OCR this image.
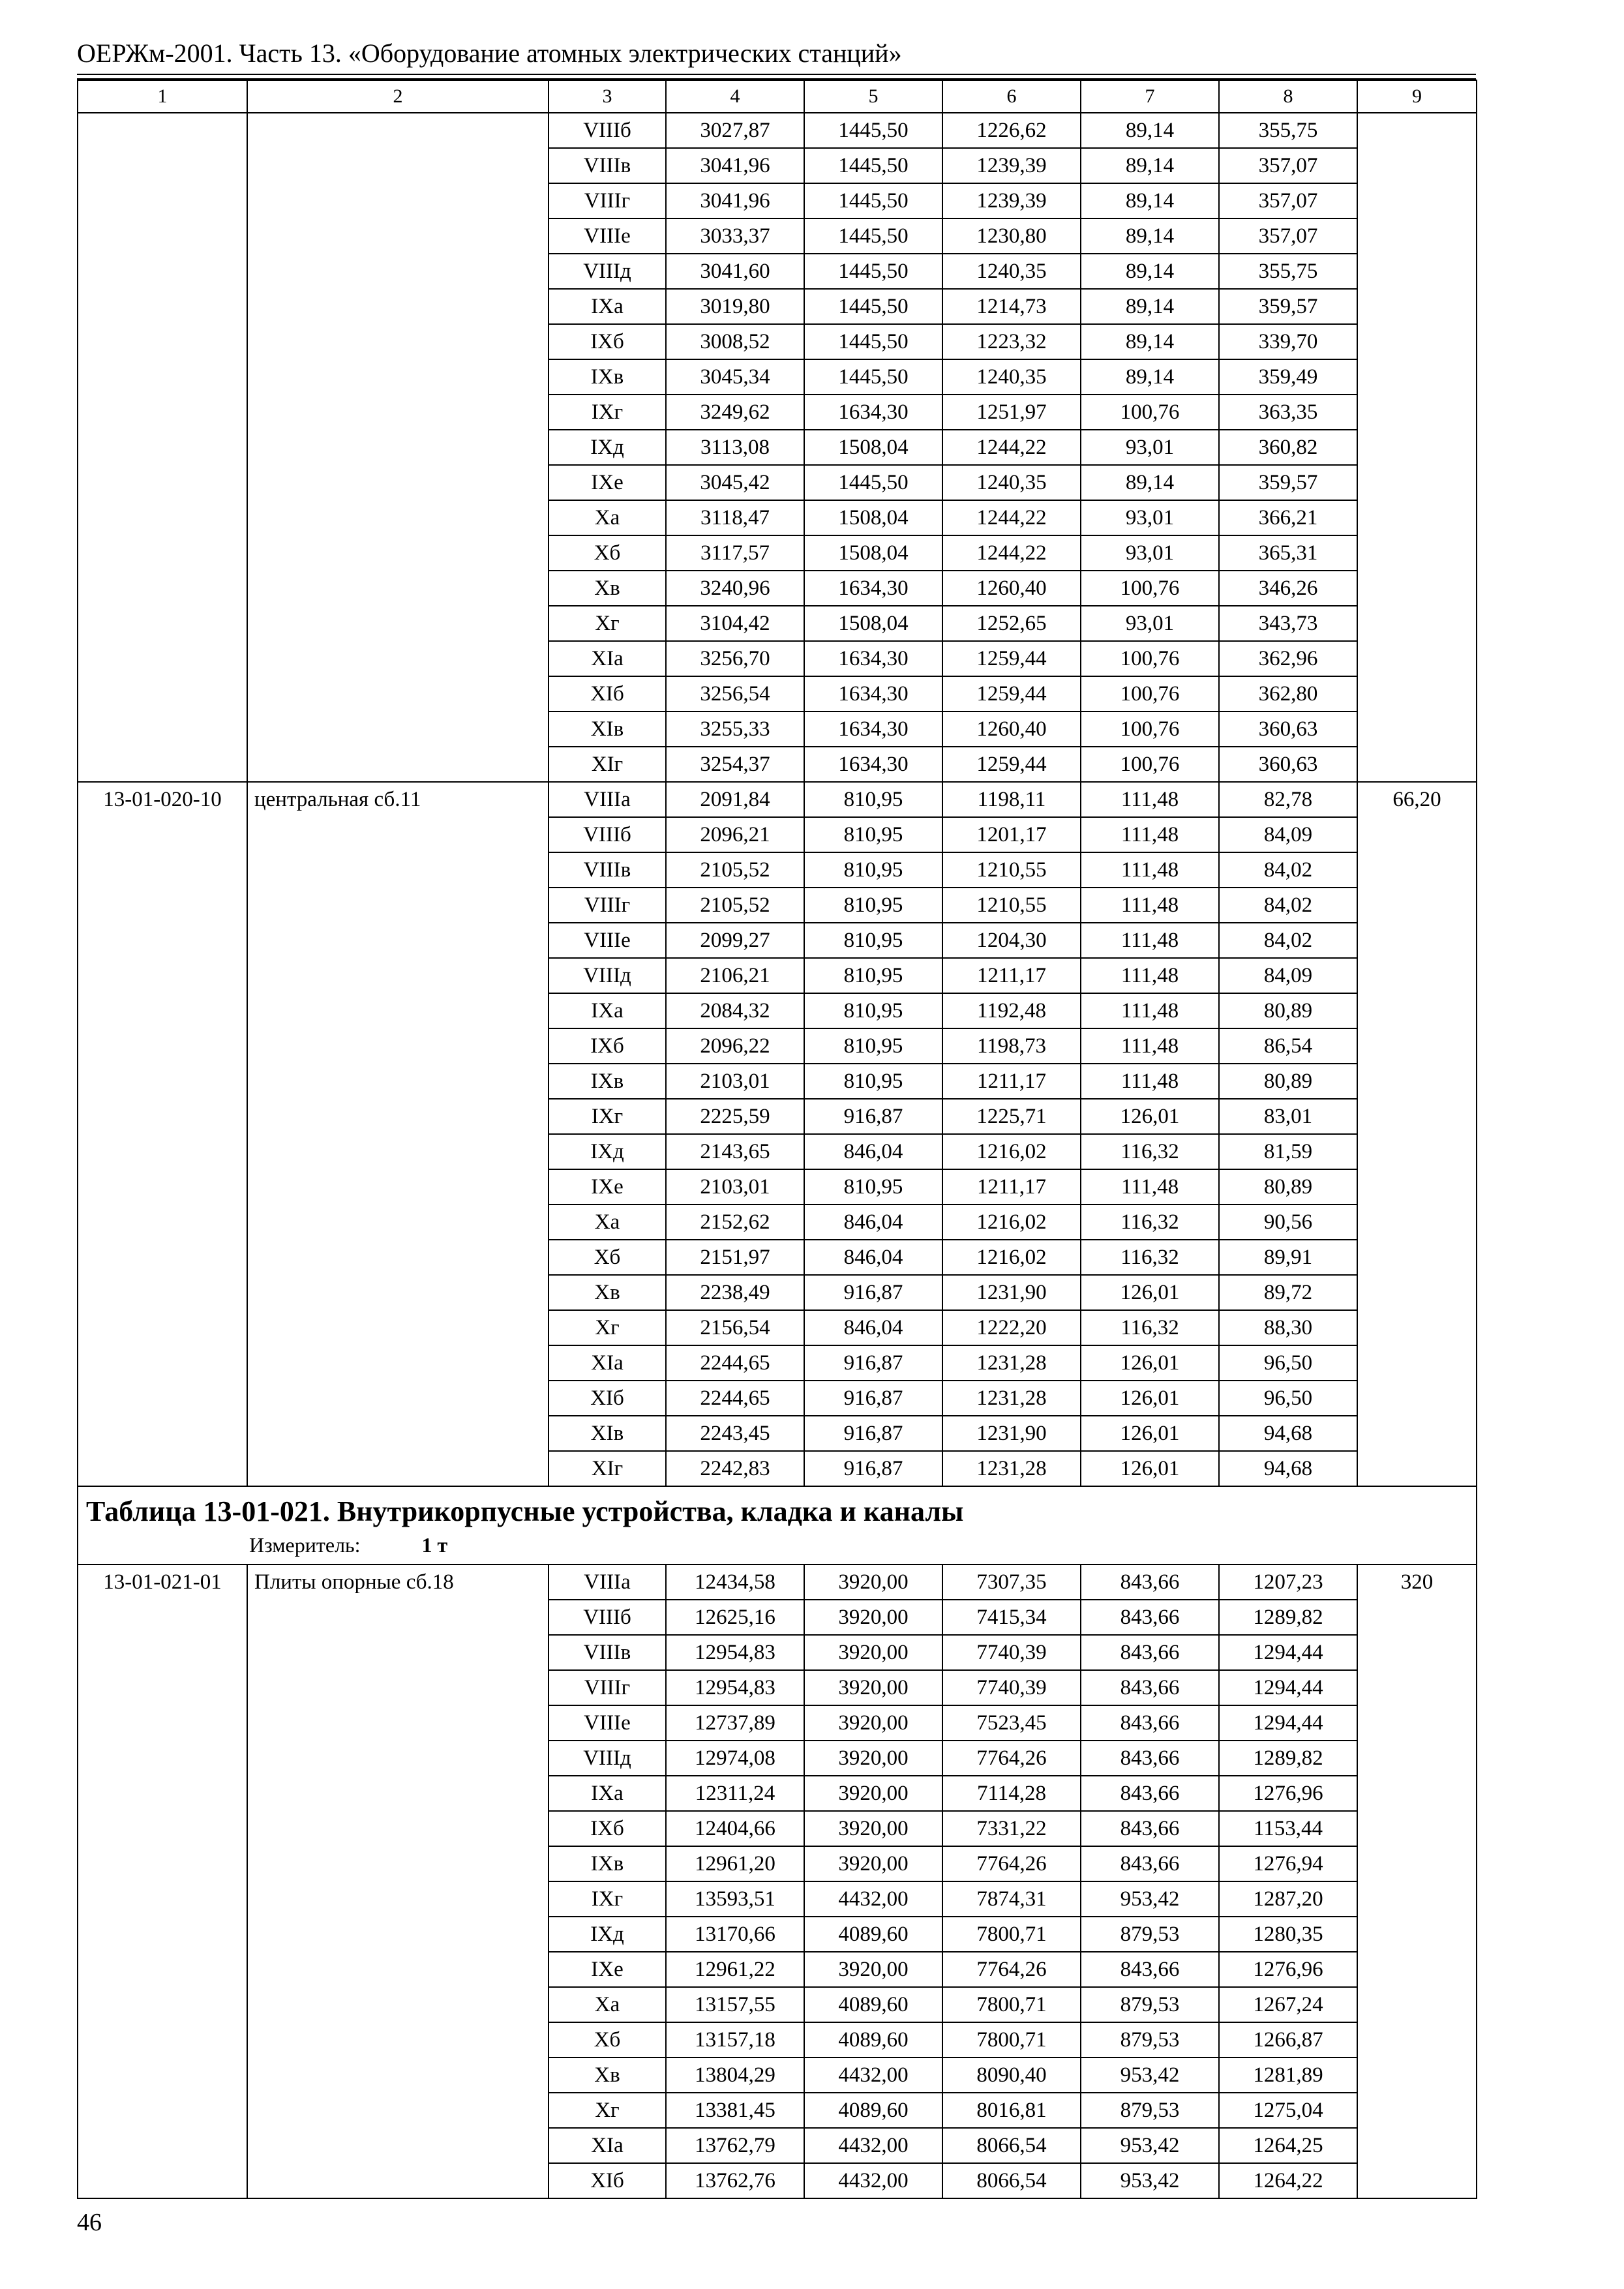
ОЕРЖм-2001. Часть 13. «Оборудование атомных электрических станций»
1	2	3	4	5	6	7	8	9
		VIIIб	3027,87	1445,50	1226,62	89,14	355,75	
		VIIIв	3041,96	1445,50	1239,39	89,14	357,07	
		VIIIг	3041,96	1445,50	1239,39	89,14	357,07	
		VIIIе	3033,37	1445,50	1230,80	89,14	357,07	
		VIIIд	3041,60	1445,50	1240,35	89,14	355,75	
		IXа	3019,80	1445,50	1214,73	89,14	359,57	
		IXб	3008,52	1445,50	1223,32	89,14	339,70	
		IXв	3045,34	1445,50	1240,35	89,14	359,49	
		IXг	3249,62	1634,30	1251,97	100,76	363,35	
		IXд	3113,08	1508,04	1244,22	93,01	360,82	
		IXе	3045,42	1445,50	1240,35	89,14	359,57	
		Xа	3118,47	1508,04	1244,22	93,01	366,21	
		Xб	3117,57	1508,04	1244,22	93,01	365,31	
		Xв	3240,96	1634,30	1260,40	100,76	346,26	
		Xг	3104,42	1508,04	1252,65	93,01	343,73	
		XIа	3256,70	1634,30	1259,44	100,76	362,96	
		XIб	3256,54	1634,30	1259,44	100,76	362,80	
		XIв	3255,33	1634,30	1260,40	100,76	360,63	
		XIг	3254,37	1634,30	1259,44	100,76	360,63	
13-01-020-10	центральная сб.11	VIIIа	2091,84	810,95	1198,11	111,48	82,78	66,20
		VIIIб	2096,21	810,95	1201,17	111,48	84,09	
		VIIIв	2105,52	810,95	1210,55	111,48	84,02	
		VIIIг	2105,52	810,95	1210,55	111,48	84,02	
		VIIIе	2099,27	810,95	1204,30	111,48	84,02	
		VIIIд	2106,21	810,95	1211,17	111,48	84,09	
		IXа	2084,32	810,95	1192,48	111,48	80,89	
		IXб	2096,22	810,95	1198,73	111,48	86,54	
		IXв	2103,01	810,95	1211,17	111,48	80,89	
		IXг	2225,59	916,87	1225,71	126,01	83,01	
		IXд	2143,65	846,04	1216,02	116,32	81,59	
		IXе	2103,01	810,95	1211,17	111,48	80,89	
		Xа	2152,62	846,04	1216,02	116,32	90,56	
		Xб	2151,97	846,04	1216,02	116,32	89,91	
		Xв	2238,49	916,87	1231,90	126,01	89,72	
		Xг	2156,54	846,04	1222,20	116,32	88,30	
		XIа	2244,65	916,87	1231,28	126,01	96,50	
		XIб	2244,65	916,87	1231,28	126,01	96,50	
		XIв	2243,45	916,87	1231,90	126,01	94,68	
		XIг	2242,83	916,87	1231,28	126,01	94,68	

Таблица 13-01-021. Внутрикорпусные устройства, кладка и каналы
Измеритель: 1 т								

13-01-021-01	Плиты опорные сб.18	VIIIа	12434,58	3920,00	7307,35	843,66	1207,23	320
		VIIIб	12625,16	3920,00	7415,34	843,66	1289,82	
		VIIIв	12954,83	3920,00	7740,39	843,66	1294,44	
		VIIIг	12954,83	3920,00	7740,39	843,66	1294,44	
		VIIIе	12737,89	3920,00	7523,45	843,66	1294,44	
		VIIIд	12974,08	3920,00	7764,26	843,66	1289,82	
		IXа	12311,24	3920,00	7114,28	843,66	1276,96	
		IXб	12404,66	3920,00	7331,22	843,66	1153,44	
		IXв	12961,20	3920,00	7764,26	843,66	1276,94	
		IXг	13593,51	4432,00	7874,31	953,42	1287,20	
		IXд	13170,66	4089,60	7800,71	879,53	1280,35	
		IXе	12961,22	3920,00	7764,26	843,66	1276,96	
		Xа	13157,55	4089,60	7800,71	879,53	1267,24	
		Xб	13157,18	4089,60	7800,71	879,53	1266,87	
		Xв	13804,29	4432,00	8090,40	953,42	1281,89	
		Xг	13381,45	4089,60	8016,81	879,53	1275,04	
		XIа	13762,79	4432,00	8066,54	953,42	1264,25	
		XIб	13762,76	4432,00	8066,54	953,42	1264,22	
46
